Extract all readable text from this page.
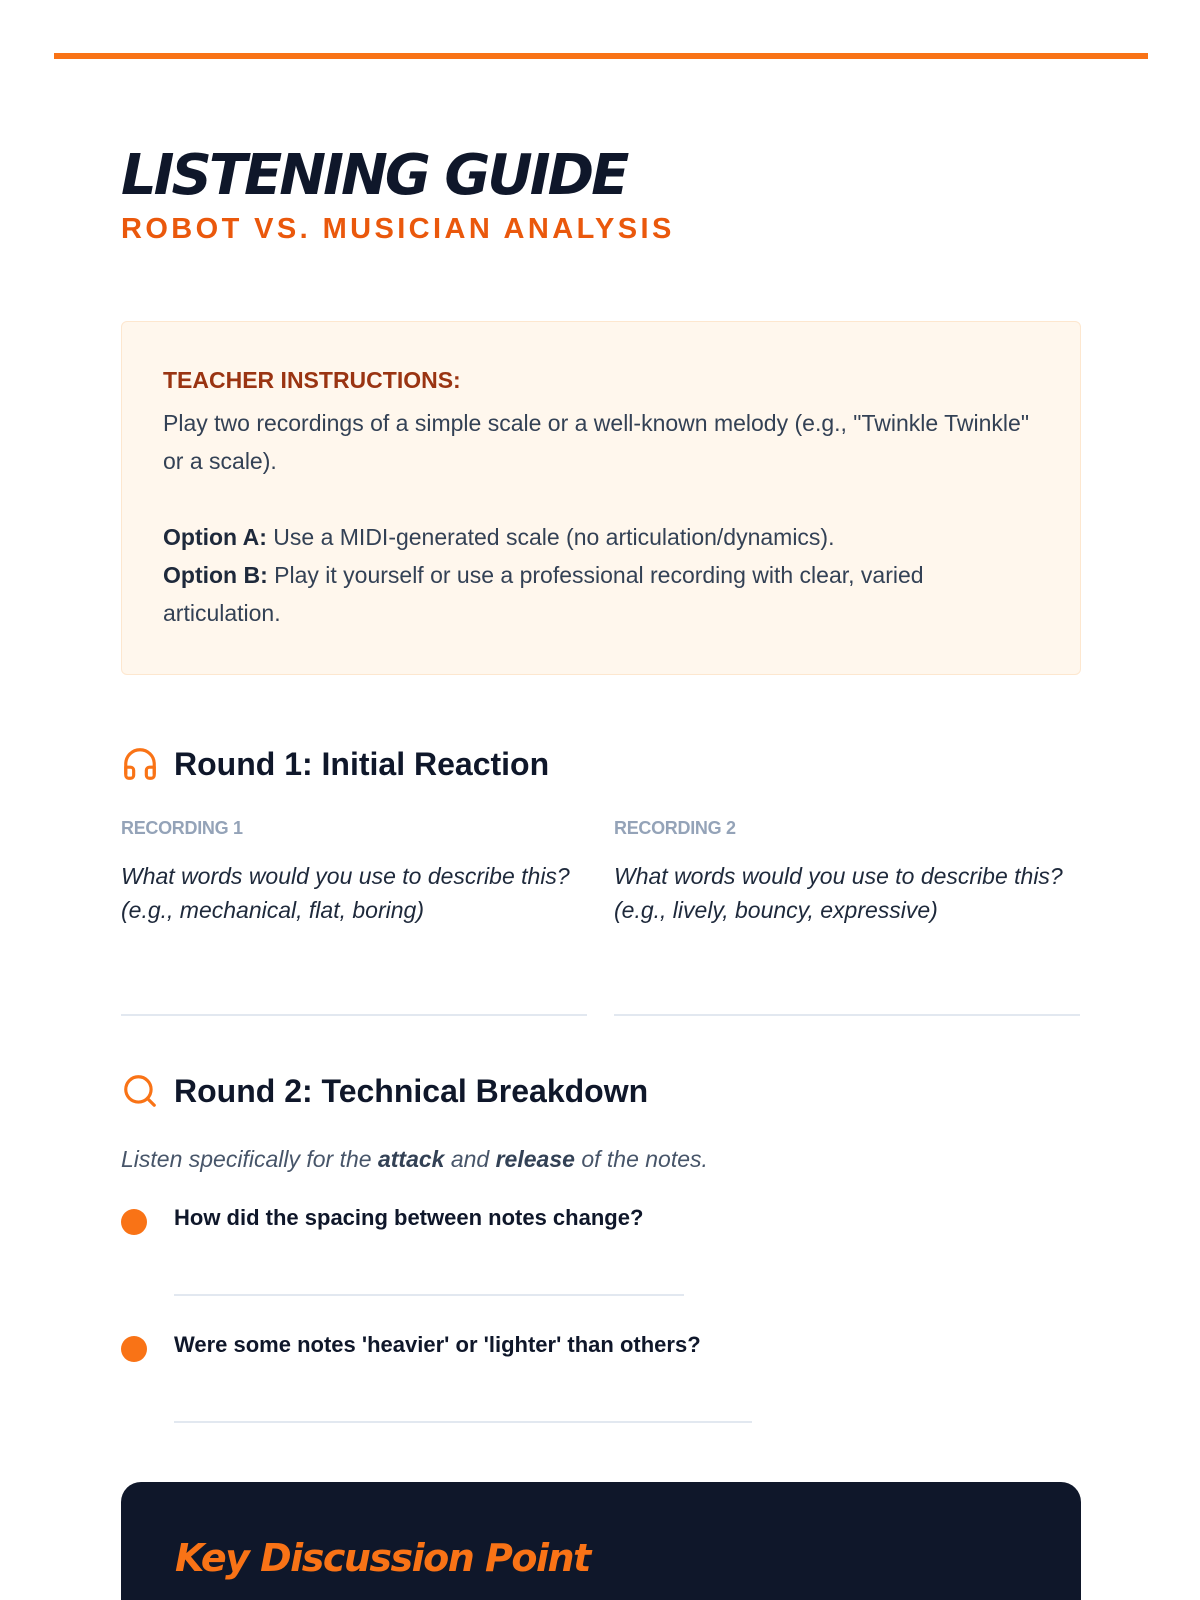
LISTENING GUIDE
ROBOT VS. MUSICIAN ANALYSIS
TEACHER INSTRUCTIONS:
Play two recordings of a simple scale or a well-known melody (e.g., "Twinkle Twinkle" or a scale).
Option A: Use a MIDI-generated scale (no articulation/dynamics).
Option B: Play it yourself or use a professional recording with clear, varied articulation.
Round 1: Initial Reaction
RECORDING 1
What words would you use to describe this? (e.g., mechanical, flat, boring)
RECORDING 2
What words would you use to describe this? (e.g., lively, bouncy, expressive)
Round 2: Technical Breakdown
Listen specifically for the attack and release of the notes.
How did the spacing between notes change?
Were some notes 'heavier' or 'lighter' than others?
Key Discussion Point
